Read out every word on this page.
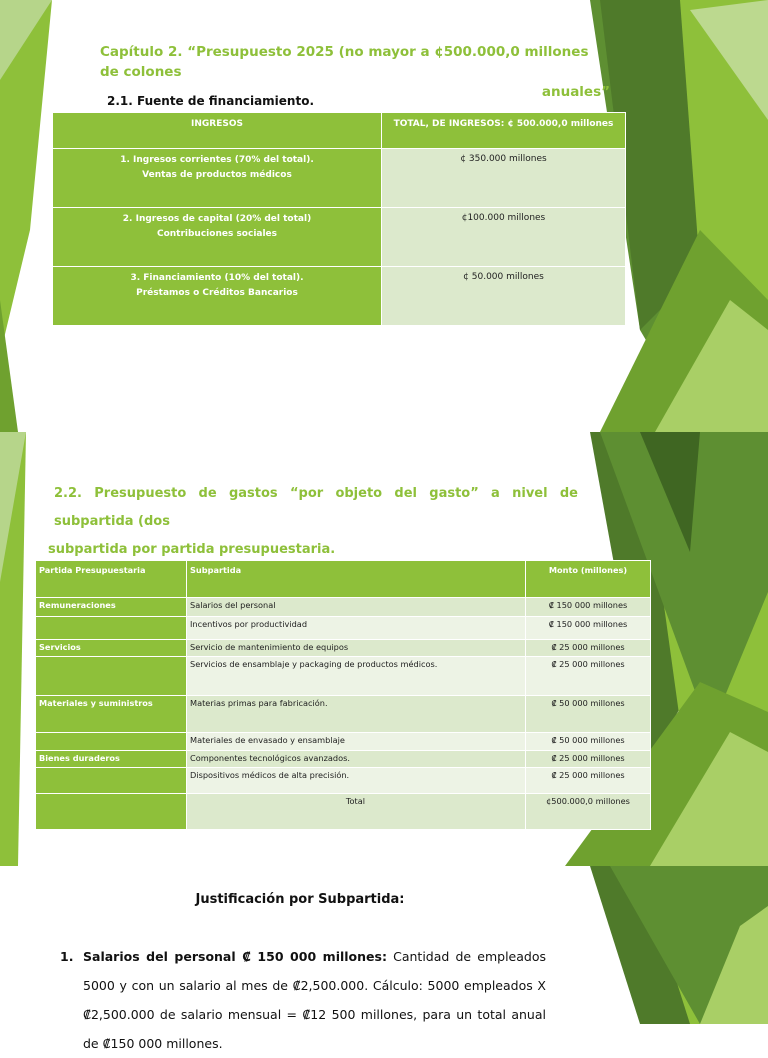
Capítulo 2. “Presupuesto 2025 (no mayor a ¢500.000,0 millones de colones
anuales”
2.1. Fuente de financiamiento.
INGRESOS	TOTAL, DE INGRESOS: ¢ 500.000,0 millones
1. Ingresos corrientes (70% del total).
Ventas de productos médicos	¢ 350.000 millones
2. Ingresos de capital (20% del total)
Contribuciones sociales	¢100.000 millones
3. Financiamiento (10% del total).
Préstamos o Créditos Bancarios	¢ 50.000 millones
2.2. Presupuesto de gastos “por objeto del gasto” a nivel de subpartida (dos
subpartida por partida presupuestaria.
Partida Presupuestaria	Subpartida	Monto (millones)
Remuneraciones	Salarios del personal	₡ 150 000 millones
	Incentivos por productividad	₡ 150 000 millones
Servicios	Servicio de mantenimiento de equipos	₡ 25 000 millones
	Servicios de ensamblaje y packaging de productos médicos.	₡ 25 000 millones
Materiales y suministros	Materias primas para fabricación.	₡ 50 000 millones
	Materiales de envasado y ensamblaje	₡ 50 000 millones
Bienes duraderos	Componentes tecnológicos avanzados.	₡ 25 000 millones
	Dispositivos médicos de alta precisión.	₡ 25 000 millones
	Total	¢500.000,0 millones
Justificación por Subpartida:
1. Salarios del personal ₡ 150 000 millones: Cantidad de empleados 5000 y con un salario al mes de ₡2,500.000. Cálculo: 5000 empleados X ₡2,500.000 de salario mensual = ₡12 500 millones, para un total anual de ₡150 000 millones.
